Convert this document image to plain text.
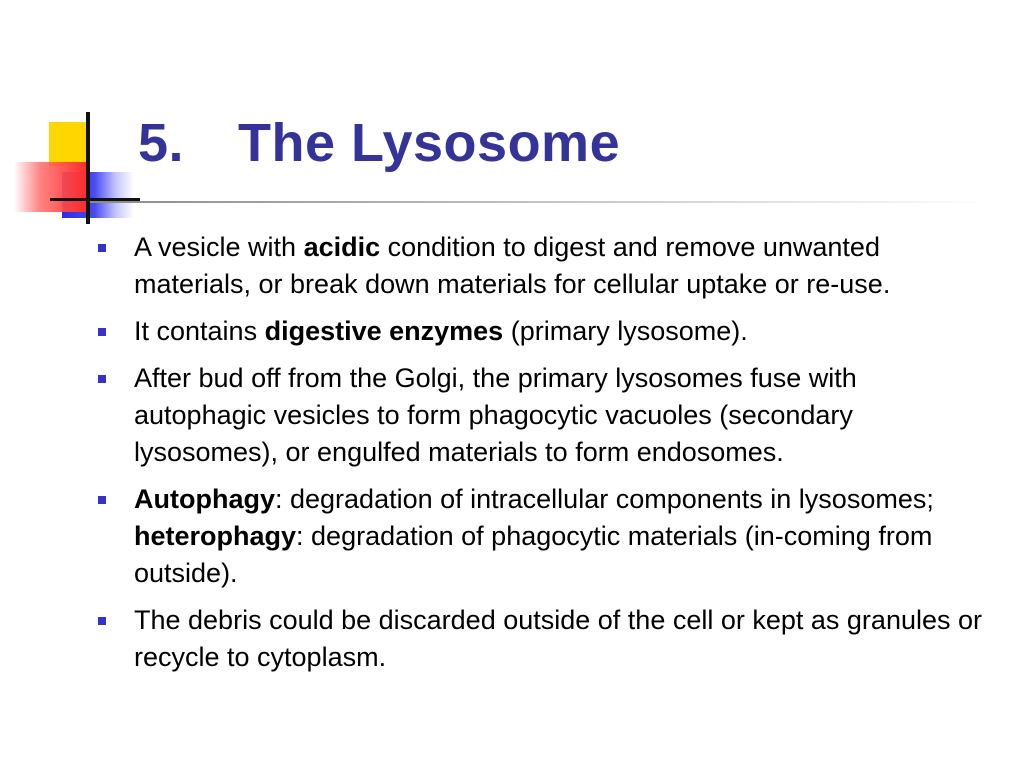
5. The Lysosome
A vesicle with acidic condition to digest and remove unwanted materials, or break down materials for cellular uptake or re-use.
It contains digestive enzymes (primary lysosome).
After bud off from the Golgi, the primary lysosomes fuse with autophagic vesicles to form phagocytic vacuoles (secondary lysosomes), or engulfed materials to form endosomes.
Autophagy: degradation of intracellular components in lysosomes; heterophagy: degradation of phagocytic materials (in-coming from outside).
The debris could be discarded outside of the cell or kept as granules or recycle to cytoplasm.
